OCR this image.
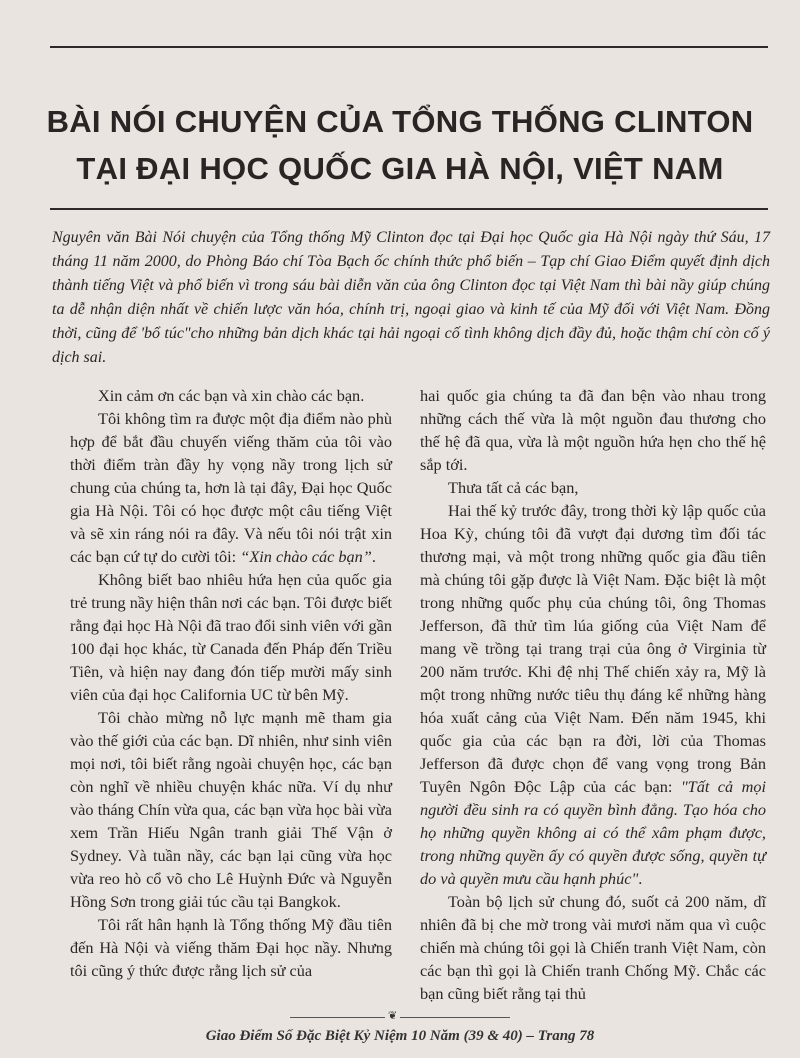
BÀI NÓI CHUYỆN CỦA TỔNG THỐNG CLINTON
TẠI ĐẠI HỌC QUỐC GIA HÀ NỘI, VIỆT NAM
Nguyên văn Bài Nói chuyện của Tổng thống Mỹ Clinton đọc tại Đại học Quốc gia Hà Nội ngày thứ Sáu, 17 tháng 11 năm 2000, do Phòng Báo chí Tòa Bạch ốc chính thức phổ biến – Tạp chí Giao Điểm quyết định dịch thành tiếng Việt và phổ biến vì trong sáu bài diễn văn của ông Clinton đọc tại Việt Nam thì bài nầy giúp chúng ta dễ nhận diện nhất về chiến lược văn hóa, chính trị, ngoại giao và kinh tế của Mỹ đối với Việt Nam. Đồng thời, cũng để 'bổ túc"cho những bản dịch khác tại hải ngoại cố tình không dịch đầy đủ, hoặc thậm chí còn cố ý dịch sai.

Xin cảm ơn các bạn và xin chào các bạn.

Tôi không tìm ra được một địa điểm nào phù hợp để bắt đầu chuyến viếng thăm của tôi vào thời điểm tràn đầy hy vọng nầy trong lịch sử chung của chúng ta, hơn là tại đây, Đại học Quốc gia Hà Nội. Tôi có học được một câu tiếng Việt và sẽ xin ráng nói ra đây. Và nếu tôi nói trật xin các bạn cứ tự do cười tôi: “Xin chào các bạn”.

Không biết bao nhiêu hứa hẹn của quốc gia trẻ trung nầy hiện thân nơi các bạn. Tôi được biết rằng đại học Hà Nội đã trao đổi sinh viên với gần 100 đại học khác, từ Canada đến Pháp đến Triều Tiên, và hiện nay đang đón tiếp mười mấy sinh viên của đại học California UC từ bên Mỹ.

Tôi chào mừng nỗ lực mạnh mẽ tham gia vào thế giới của các bạn. Dĩ nhiên, như sinh viên mọi nơi, tôi biết rằng ngoài chuyện học, các bạn còn nghĩ về nhiều chuyện khác nữa. Ví dụ như vào tháng Chín vừa qua, các bạn vừa học bài vừa xem Trần Hiếu Ngân tranh giải Thế Vận ở Sydney. Và tuần nầy, các bạn lại cũng vừa học vừa reo hò cổ võ cho Lê Huỳnh Đức và Nguyễn Hồng Sơn trong giải túc cầu tại Bangkok.

Tôi rất hân hạnh là Tổng thống Mỹ đầu tiên đến Hà Nội và viếng thăm Đại học nầy. Nhưng tôi cũng ý thức được rằng lịch sử của

hai quốc gia chúng ta đã đan bện vào nhau trong những cách thế vừa là một nguồn đau thương cho thế hệ đã qua, vừa là một nguồn hứa hẹn cho thế hệ sắp tới.

Thưa tất cả các bạn,

Hai thế kỷ trước đây, trong thời kỳ lập quốc của Hoa Kỳ, chúng tôi đã vượt đại dương tìm đối tác thương mại, và một trong những quốc gia đầu tiên mà chúng tôi gặp được là Việt Nam. Đặc biệt là một trong những quốc phụ của chúng tôi, ông Thomas Jefferson, đã thử tìm lúa giống của Việt Nam để mang về trồng tại trang trại của ông ở Virginia từ 200 năm trước. Khi đệ nhị Thế chiến xảy ra, Mỹ là một trong những nước tiêu thụ đáng kể những hàng hóa xuất cảng của Việt Nam. Đến năm 1945, khi quốc gia của các bạn ra đời, lời của Thomas Jefferson đã được chọn để vang vọng trong Bản Tuyên Ngôn Độc Lập của các bạn: "Tất cả mọi người đều sinh ra có quyền bình đẳng. Tạo hóa cho họ những quyền không ai có thể xâm phạm được, trong những quyền ấy có quyền được sống, quyền tự do và quyền mưu cầu hạnh phúc".

Toàn bộ lịch sử chung đó, suốt cả 200 năm, dĩ nhiên đã bị che mờ trong vài mươi năm qua vì cuộc chiến mà chúng tôi gọi là Chiến tranh Việt Nam, còn các bạn thì gọi là Chiến tranh Chống Mỹ. Chắc các bạn cũng biết rằng tại thủ

❦
Giao Điểm Số Đặc Biệt Kỷ Niệm 10 Năm (39 & 40) – Trang 78
